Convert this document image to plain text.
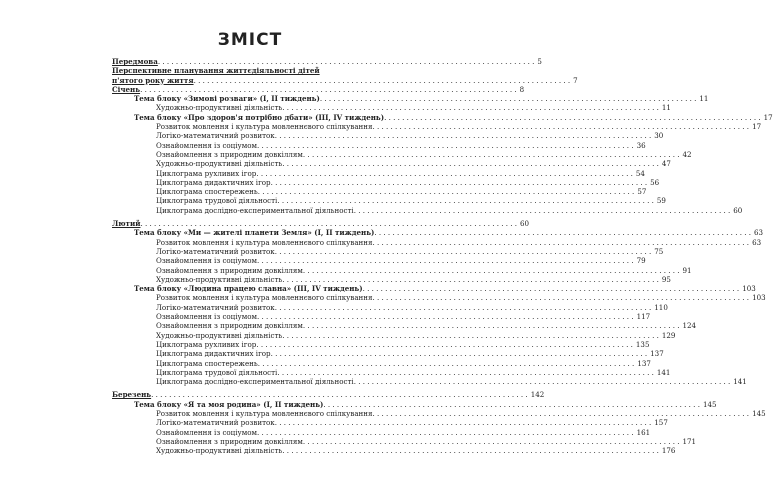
ЗМІСТ
Передмова . . . . . . . . . . . . . . . . . . . . . . . . . . . . . . . . . . . . . . . . . . . . . . . . . . . . . . . . . . . . . . . . . . . . . . . . . . . . . . . . . . . . 5
Перспективне планування життєдіяльності дітей
п'ятого року життя . . . . . . . . . . . . . . . . . . . . . . . . . . . . . . . . . . . . . . . . . . . . . . . . . . . . . . . . . . . . . . . . . . . . . . . . . . . . . . . . . . . . 7
Січень . . . . . . . . . . . . . . . . . . . . . . . . . . . . . . . . . . . . . . . . . . . . . . . . . . . . . . . . . . . . . . . . . . . . . . . . . . . . . . . . . . . . 8
Тема блоку «Зимові розваги» (І, ІІ тиждень) . . . . . . . . . . . . . . . . . . . . . . . . . . . . . . . . . . . . . . . . . . . . . . . . . . . . . . . . . . . . . . . . . . . . . . . . . . . . . . . . . . . . 11
Художньо-продуктивні діяльність . . . . . . . . . . . . . . . . . . . . . . . . . . . . . . . . . . . . . . . . . . . . . . . . . . . . . . . . . . . . . . . . . . . . . . . . . . . . . . . . . . . . 11
Тема блоку «Про здоров'я потрібно дбати» (ІІІ, IV тиждень) . . . . . . . . . . . . . . . . . . . . . . . . . . . . . . . . . . . . . . . . . . . . . . . . . . . . . . . . . . . . . . . . . . . . . . . . . . . . . . . . . . . . 17
Розвиток мовлення і культура мовленнєвого спілкування . . . . . . . . . . . . . . . . . . . . . . . . . . . . . . . . . . . . . . . . . . . . . . . . . . . . . . . . . . . . . . . . . . . . . . . . . . . . . . . . . . . . 17
Логіко-математичний розвиток . . . . . . . . . . . . . . . . . . . . . . . . . . . . . . . . . . . . . . . . . . . . . . . . . . . . . . . . . . . . . . . . . . . . . . . . . . . . . . . . . . . . 30
Ознайомлення із соціумом . . . . . . . . . . . . . . . . . . . . . . . . . . . . . . . . . . . . . . . . . . . . . . . . . . . . . . . . . . . . . . . . . . . . . . . . . . . . . . . . . . . . 36
Ознайомлення з природним довкіллям . . . . . . . . . . . . . . . . . . . . . . . . . . . . . . . . . . . . . . . . . . . . . . . . . . . . . . . . . . . . . . . . . . . . . . . . . . . . . . . . . . . . 42
Художньо-продуктивні діяльність . . . . . . . . . . . . . . . . . . . . . . . . . . . . . . . . . . . . . . . . . . . . . . . . . . . . . . . . . . . . . . . . . . . . . . . . . . . . . . . . . . . . 47
Циклограма рухливих ігор . . . . . . . . . . . . . . . . . . . . . . . . . . . . . . . . . . . . . . . . . . . . . . . . . . . . . . . . . . . . . . . . . . . . . . . . . . . . . . . . . . . . 54
Циклограма дидактичних ігор . . . . . . . . . . . . . . . . . . . . . . . . . . . . . . . . . . . . . . . . . . . . . . . . . . . . . . . . . . . . . . . . . . . . . . . . . . . . . . . . . . . . 56
Циклограма спостережень . . . . . . . . . . . . . . . . . . . . . . . . . . . . . . . . . . . . . . . . . . . . . . . . . . . . . . . . . . . . . . . . . . . . . . . . . . . . . . . . . . . . 57
Циклограма трудової діяльності . . . . . . . . . . . . . . . . . . . . . . . . . . . . . . . . . . . . . . . . . . . . . . . . . . . . . . . . . . . . . . . . . . . . . . . . . . . . . . . . . . . . 59
Циклограма дослідно-експериментальної діяльності . . . . . . . . . . . . . . . . . . . . . . . . . . . . . . . . . . . . . . . . . . . . . . . . . . . . . . . . . . . . . . . . . . . . . . . . . . . . . . . . . . . . 60
Лютий . . . . . . . . . . . . . . . . . . . . . . . . . . . . . . . . . . . . . . . . . . . . . . . . . . . . . . . . . . . . . . . . . . . . . . . . . . . . . . . . . . . . 60
Тема блоку «Ми — жителі планети Земля» (І, ІІ тиждень) . . . . . . . . . . . . . . . . . . . . . . . . . . . . . . . . . . . . . . . . . . . . . . . . . . . . . . . . . . . . . . . . . . . . . . . . . . . . . . . . . . . . 63
Розвиток мовлення і культура мовленнєвого спілкування . . . . . . . . . . . . . . . . . . . . . . . . . . . . . . . . . . . . . . . . . . . . . . . . . . . . . . . . . . . . . . . . . . . . . . . . . . . . . . . . . . . . 63
Логіко-математичний розвиток . . . . . . . . . . . . . . . . . . . . . . . . . . . . . . . . . . . . . . . . . . . . . . . . . . . . . . . . . . . . . . . . . . . . . . . . . . . . . . . . . . . . 75
Ознайомлення із соціумом . . . . . . . . . . . . . . . . . . . . . . . . . . . . . . . . . . . . . . . . . . . . . . . . . . . . . . . . . . . . . . . . . . . . . . . . . . . . . . . . . . . . 79
Ознайомлення з природним довкіллям . . . . . . . . . . . . . . . . . . . . . . . . . . . . . . . . . . . . . . . . . . . . . . . . . . . . . . . . . . . . . . . . . . . . . . . . . . . . . . . . . . . . 91
Художньо-продуктивні діяльність . . . . . . . . . . . . . . . . . . . . . . . . . . . . . . . . . . . . . . . . . . . . . . . . . . . . . . . . . . . . . . . . . . . . . . . . . . . . . . . . . . . . 95
Тема блоку «Людина працею славна» (ІІІ, IV тиждень) . . . . . . . . . . . . . . . . . . . . . . . . . . . . . . . . . . . . . . . . . . . . . . . . . . . . . . . . . . . . . . . . . . . . . . . . . . . . . . . . . . . . 103
Розвиток мовлення і культура мовленнєвого спілкування . . . . . . . . . . . . . . . . . . . . . . . . . . . . . . . . . . . . . . . . . . . . . . . . . . . . . . . . . . . . . . . . . . . . . . . . . . . . . . . . . . . . 103
Логіко-математичний розвиток . . . . . . . . . . . . . . . . . . . . . . . . . . . . . . . . . . . . . . . . . . . . . . . . . . . . . . . . . . . . . . . . . . . . . . . . . . . . . . . . . . . . 110
Ознайомлення із соціумом . . . . . . . . . . . . . . . . . . . . . . . . . . . . . . . . . . . . . . . . . . . . . . . . . . . . . . . . . . . . . . . . . . . . . . . . . . . . . . . . . . . . 117
Ознайомлення з природним довкіллям . . . . . . . . . . . . . . . . . . . . . . . . . . . . . . . . . . . . . . . . . . . . . . . . . . . . . . . . . . . . . . . . . . . . . . . . . . . . . . . . . . . . 124
Художньо-продуктивні діяльність . . . . . . . . . . . . . . . . . . . . . . . . . . . . . . . . . . . . . . . . . . . . . . . . . . . . . . . . . . . . . . . . . . . . . . . . . . . . . . . . . . . . 129
Циклограма рухливих ігор . . . . . . . . . . . . . . . . . . . . . . . . . . . . . . . . . . . . . . . . . . . . . . . . . . . . . . . . . . . . . . . . . . . . . . . . . . . . . . . . . . . . 135
Циклограма дидактичних ігор . . . . . . . . . . . . . . . . . . . . . . . . . . . . . . . . . . . . . . . . . . . . . . . . . . . . . . . . . . . . . . . . . . . . . . . . . . . . . . . . . . . . 137
Циклограма спостережень . . . . . . . . . . . . . . . . . . . . . . . . . . . . . . . . . . . . . . . . . . . . . . . . . . . . . . . . . . . . . . . . . . . . . . . . . . . . . . . . . . . . 137
Циклограма трудової діяльності . . . . . . . . . . . . . . . . . . . . . . . . . . . . . . . . . . . . . . . . . . . . . . . . . . . . . . . . . . . . . . . . . . . . . . . . . . . . . . . . . . . . 141
Циклограма дослідно-експериментальної діяльності . . . . . . . . . . . . . . . . . . . . . . . . . . . . . . . . . . . . . . . . . . . . . . . . . . . . . . . . . . . . . . . . . . . . . . . . . . . . . . . . . . . . 141
Березень . . . . . . . . . . . . . . . . . . . . . . . . . . . . . . . . . . . . . . . . . . . . . . . . . . . . . . . . . . . . . . . . . . . . . . . . . . . . . . . . . . . . 142
Тема блоку «Я та моя родина» (І, ІІ тиждень) . . . . . . . . . . . . . . . . . . . . . . . . . . . . . . . . . . . . . . . . . . . . . . . . . . . . . . . . . . . . . . . . . . . . . . . . . . . . . . . . . . . . 145
Розвиток мовлення і культура мовленнєвого спілкування . . . . . . . . . . . . . . . . . . . . . . . . . . . . . . . . . . . . . . . . . . . . . . . . . . . . . . . . . . . . . . . . . . . . . . . . . . . . . . . . . . . . 145
Логіко-математичний розвиток . . . . . . . . . . . . . . . . . . . . . . . . . . . . . . . . . . . . . . . . . . . . . . . . . . . . . . . . . . . . . . . . . . . . . . . . . . . . . . . . . . . . 157
Ознайомлення із соціумом . . . . . . . . . . . . . . . . . . . . . . . . . . . . . . . . . . . . . . . . . . . . . . . . . . . . . . . . . . . . . . . . . . . . . . . . . . . . . . . . . . . . 161
Ознайомлення з природним довкіллям . . . . . . . . . . . . . . . . . . . . . . . . . . . . . . . . . . . . . . . . . . . . . . . . . . . . . . . . . . . . . . . . . . . . . . . . . . . . . . . . . . . . 171
Художньо-продуктивні діяльність . . . . . . . . . . . . . . . . . . . . . . . . . . . . . . . . . . . . . . . . . . . . . . . . . . . . . . . . . . . . . . . . . . . . . . . . . . . . . . . . . . . . 176
